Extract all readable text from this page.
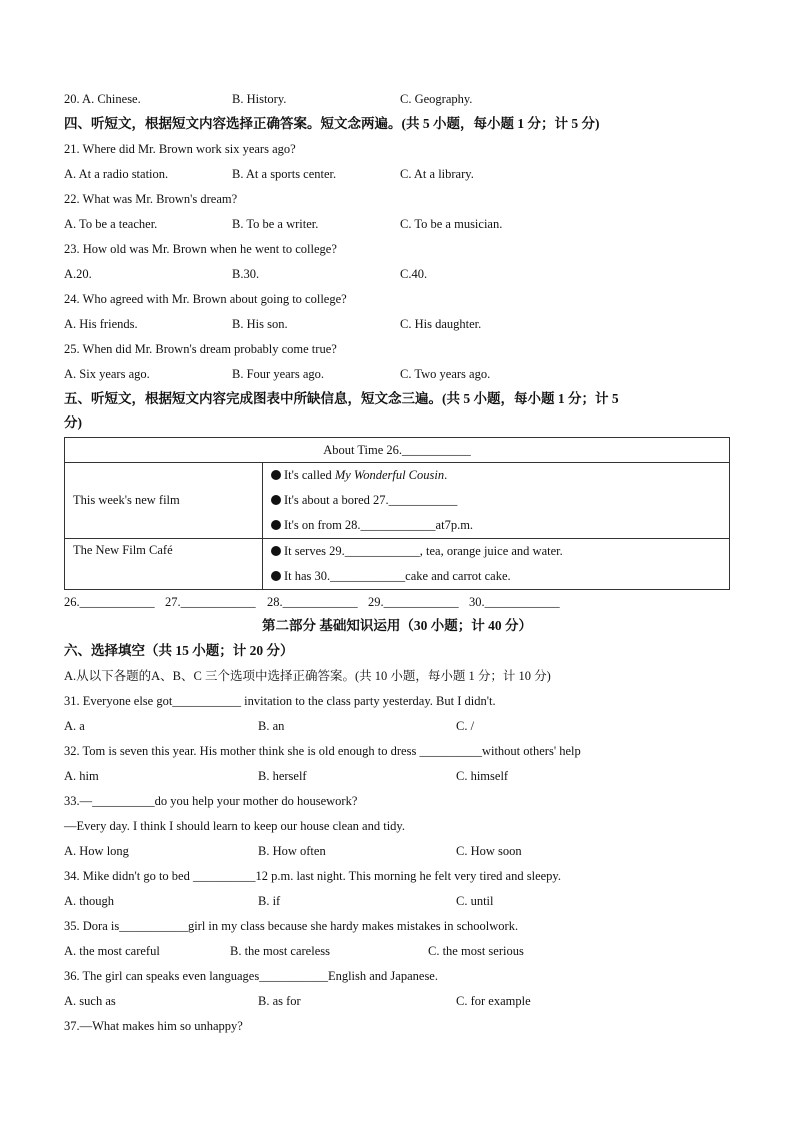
20. A. Chinese.	B. History.	C. Geography.
四、听短文，根据短文内容选择正确答案。短文念两遍。(共 5 小题，每小题 1 分；计 5 分)
21. Where did Mr. Brown work six years ago?
A. At a radio station.	B. At a sports center.	C. At a library.
22. What was Mr. Brown's dream?
A. To be a teacher.	B. To be a writer.	C. To be a musician.
23. How old was Mr. Brown when he went to college?
A.20.	B.30.	C.40.
24. Who agreed with Mr. Brown about going to college?
A. His friends.	B. His son.	C. His daughter.
25. When did Mr. Brown's dream probably come true?
A. Six years ago.	B. Four years ago.	C. Two years ago.
五、听短文，根据短文内容完成图表中所缺信息，短文念三遍。(共 5 小题，每小题 1 分；计 5
分)
About Time 26.___________	
This week's new film	It's called My Wonderful Cousin.
It's about a bored 27.___________
It's on from 28.____________at7p.m.

The New Film Café	It serves 29.____________, tea, orange juice and water.
It has 30.____________cake and carrot cake.
26.____________ 27.____________ 28.____________ 29.____________ 30.____________
第二部分 基础知识运用（30 小题；计 40 分）
六、选择填空（共 15 小题；计 20 分）
A.从以下各题的A、B、C 三个选项中选择正确答案。(共 10 小题，每小题 1 分；计 10 分)
31. Everyone else got___________ invitation to the class party yesterday. But I didn't.
A. a	B. an	C. /
32. Tom is seven this year. His mother think she is old enough to dress __________without others' help
A. him	B. herself	C. himself
33.—__________do you help your mother do housework?
—Every day. I think I should learn to keep our house clean and tidy.
A. How long	B. How often	C. How soon
34. Mike didn't go to bed __________12 p.m. last night. This morning he felt very tired and sleepy.
A. though	B. if	C. until
35. Dora is___________girl in my class because she hardy makes mistakes in schoolwork.
A. the most careful	B. the most careless	C. the most serious
36. The girl can speaks even languages___________English and Japanese.
A. such as	B. as for	C. for example
37.—What makes him so unhappy?
